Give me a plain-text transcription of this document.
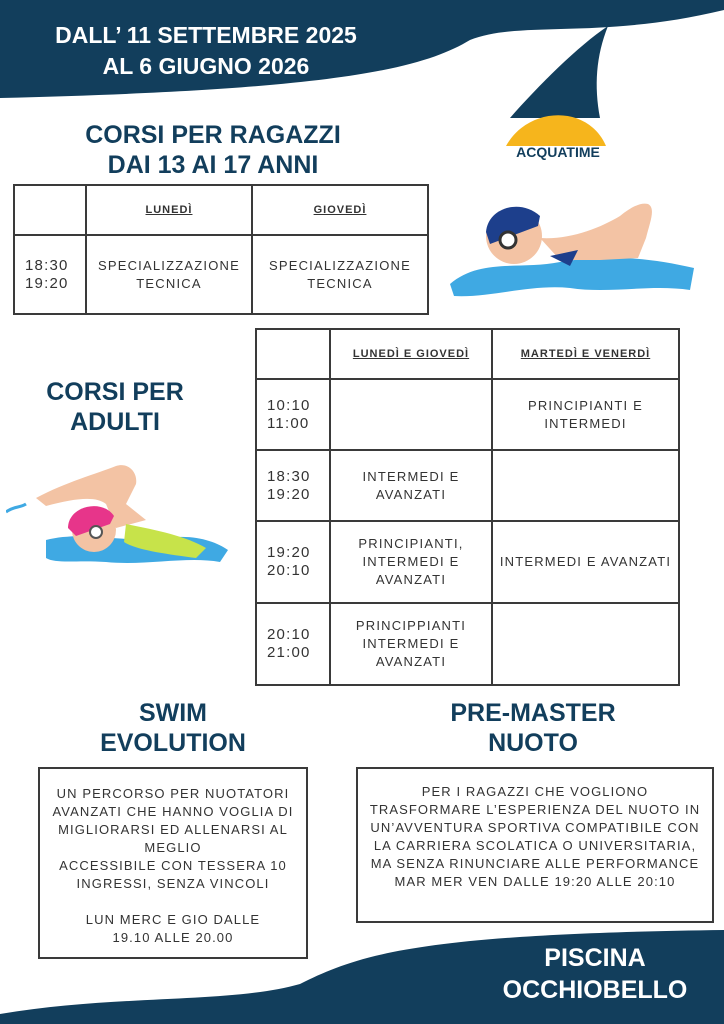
DALL’ 11 SETTEMBRE 2025
AL 6 GIUGNO 2026
ACQUATIME
CORSI PER RAGAZZI
DAI 13 AI 17 ANNI
	LUNEDÌ	GIOVEDÌ
18:30
19:20	SPECIALIZZAZIONE TECNICA	SPECIALIZZAZIONE TECNICA
CORSI PER
ADULTI
	LUNEDÌ E GIOVEDÌ	MARTEDÌ E VENERDÌ
10:10
11:00		PRINCIPIANTI E INTERMEDI
18:30
19:20	INTERMEDI E AVANZATI	
19:20
20:10	PRINCIPIANTI, INTERMEDI E AVANZATI	INTERMEDI E AVANZATI
20:10
21:00	PRINCIPPIANTI INTERMEDI E AVANZATI	
SWIM
EVOLUTION

UN PERCORSO PER NUOTATORI AVANZATI CHE HANNO VOGLIA DI MIGLIORARSI ED ALLENARSI AL MEGLIO

ACCESSIBILE CON TESSERA 10 INGRESSI, SENZA VINCOLI

LUN MERC E GIO DALLE 19.10 ALLE 20.00

PRE-MASTER
NUOTO

PER I RAGAZZI CHE VOGLIONO TRASFORMARE L’ESPERIENZA DEL NUOTO IN UN’AVVENTURA SPORTIVA COMPATIBILE CON LA CARRIERA SCOLATICA O UNIVERSITARIA, MA SENZA RINUNCIARE ALLE PERFORMANCE

MAR MER VEN DALLE 19:20 ALLE 20:10

PISCINA
OCCHIOBELLO
